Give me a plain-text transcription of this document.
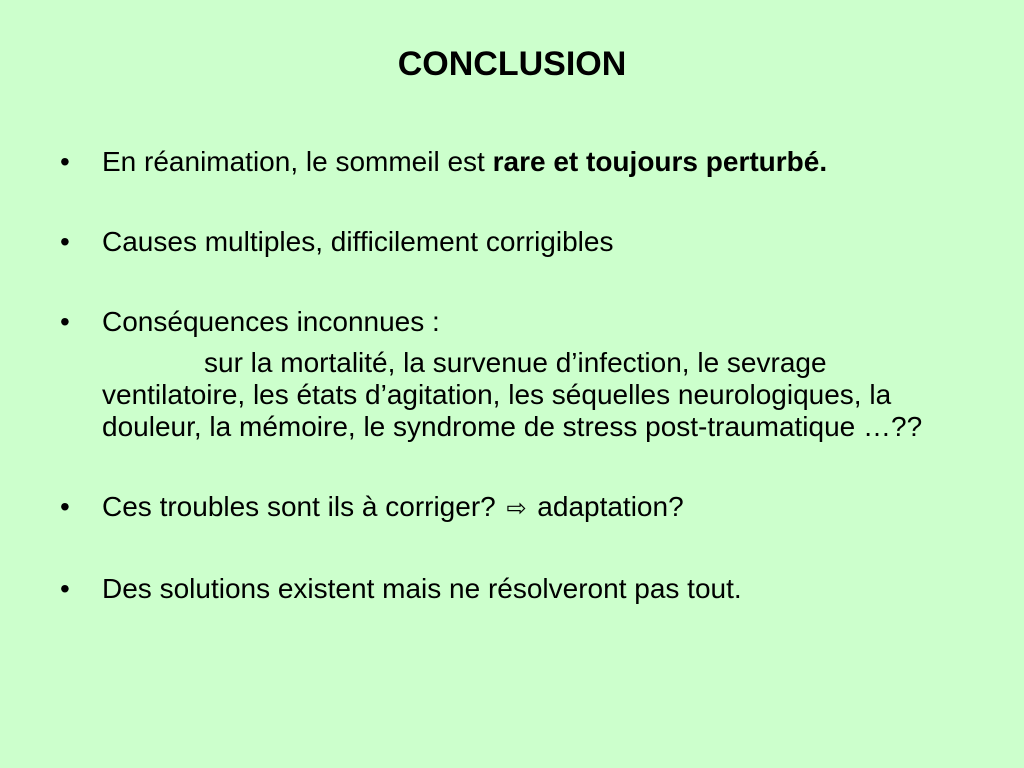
CONCLUSION
•	En réanimation, le sommeil est rare et toujours perturbé.
•	Causes multiples, difficilement corrigibles
•	Conséquences inconnues :
sur la mortalité, la survenue d’infection, le sevrage ventilatoire, les états d’agitation, les séquelles neurologiques, la douleur, la mémoire, le syndrome de stress post-traumatique …??
•	Ces troubles sont ils à corriger? ⇨ adaptation?
•	Des solutions existent mais ne résolveront pas tout.
